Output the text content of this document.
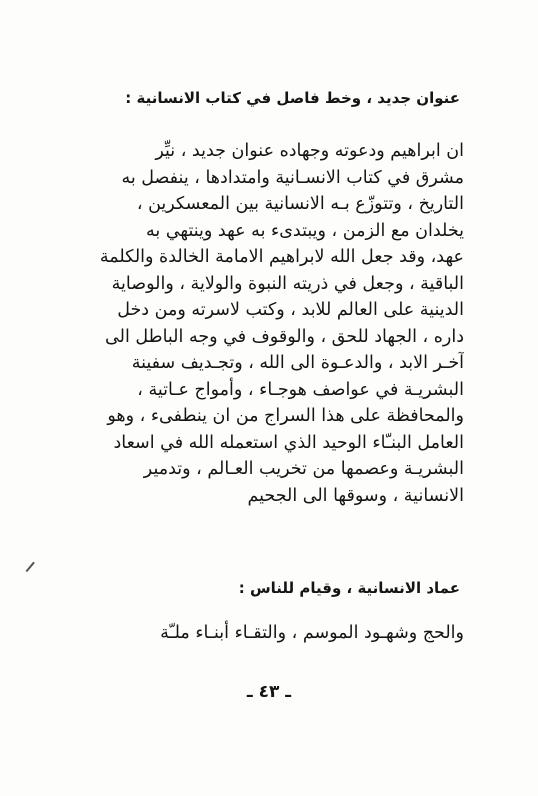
عنوان جديد ، وخط فاصل في كتاب الانسانية :
ان ابراهيم ودعوته وجهاده عنوان جديد ، نيِّر
مشرق في كتاب الانسـانية وامتدادها ، ينفصل به
التاريخ ، وتتوزّع بـه الانسانية بين المعسكرين ،
يخلدان مع الزمن ، ويبتدىء به عهد وينتهي به
عهد، وقد جعل الله لابراهيم الامامة الخالدة والكلمة
الباقية ، وجعل في ذريته النبوة والولاية ، والوصاية
الدينية على العالم للابد ، وكتب لاسرته ومن دخل
داره ، الجهاد للحق ، والوقوف في وجه الباطل الى
آخـر الابد ، والدعـوة الى الله ، وتجـديف سفينة
البشريـة في عواصف هوجـاء ، وأمواج عـاتية ،
والمحافظة على هذا السراج من ان ينطفىء ، وهو
العامل البنـّاء الوحيد الذي استعمله الله في اسعاد
البشريـة وعصمها من تخريب العـالم ، وتدمير
الانسانية ، وسوقها الى الجحيم
عماد الانسانية ، وقيام للناس :
والحج وشهـود الموسم ، والتقـاء أبنـاء ملـّة
ـ ٤٣ ـ
